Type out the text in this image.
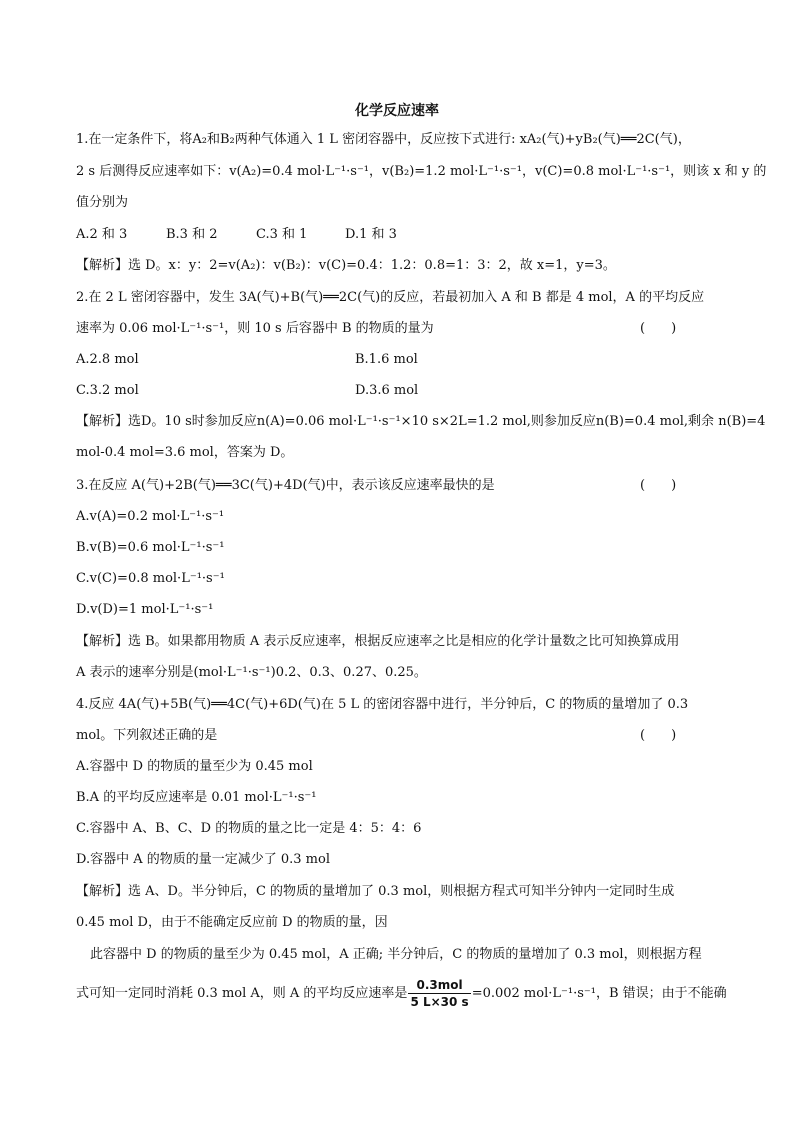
化学反应速率
1.在一定条件下，将A₂和B₂两种气体通入 1 L 密闭容器中，反应按下式进行: xA₂(气)+yB₂(气)══2C(气)，
2 s 后测得反应速率如下：v(A₂)=0.4 mol·L⁻¹·s⁻¹，v(B₂)=1.2 mol·L⁻¹·s⁻¹，v(C)=0.8 mol·L⁻¹·s⁻¹，则该 x 和 y 的
值分别为
A.2 和 3	B.3 和 2	C.3 和 1	D.1 和 3
【解析】选 D。x：y：2=v(A₂)：v(B₂)：v(C)=0.4：1.2：0.8=1：3：2，故 x=1，y=3。
2.在 2 L 密闭容器中，发生 3A(气)+B(气)══2C(气)的反应，若最初加入 A 和 B 都是 4 mol，A 的平均反应
速率为 0.06 mol·L⁻¹·s⁻¹，则 10 s 后容器中 B 的物质的量为	(　　)
A.2.8 mol	B.1.6 mol
C.3.2 mol	D.3.6 mol
【解析】选D。10 s时参加反应n(A)=0.06 mol·L⁻¹·s⁻¹×10 s×2L=1.2 mol,则参加反应n(B)=0.4 mol,剩余 n(B)=4
mol-0.4 mol=3.6 mol，答案为 D。
3.在反应 A(气)+2B(气)══3C(气)+4D(气)中，表示该反应速率最快的是	(　　)
A.v(A)=0.2 mol·L⁻¹·s⁻¹
B.v(B)=0.6 mol·L⁻¹·s⁻¹
C.v(C)=0.8 mol·L⁻¹·s⁻¹
D.v(D)=1 mol·L⁻¹·s⁻¹
【解析】选 B。如果都用物质 A 表示反应速率，根据反应速率之比是相应的化学计量数之比可知换算成用
A 表示的速率分别是(mol·L⁻¹·s⁻¹)0.2、0.3、0.27、0.25。
4.反应 4A(气)+5B(气)══4C(气)+6D(气)在 5 L 的密闭容器中进行，半分钟后，C 的物质的量增加了 0.3
mol。下列叙述正确的是	(　　)
A.容器中 D 的物质的量至少为 0.45 mol
B.A 的平均反应速率是 0.01 mol·L⁻¹·s⁻¹
C.容器中 A、B、C、D 的物质的量之比一定是 4：5：4：6
D.容器中 A 的物质的量一定减少了 0.3 mol
【解析】选 A、D。半分钟后，C 的物质的量增加了 0.3 mol，则根据方程式可知半分钟内一定同时生成
0.45 mol D，由于不能确定反应前 D 的物质的量，因
此容器中 D 的物质的量至少为 0.45 mol，A 正确; 半分钟后，C 的物质的量增加了 0.3 mol，则根据方程
式可知一定同时消耗 0.3 mol A，则 A 的平均反应速率是 $\frac{\text{0.3mol}}{5 L\times 30 s} =0.002$ mol·L⁻¹·s⁻¹，B 错误；由于不能确
